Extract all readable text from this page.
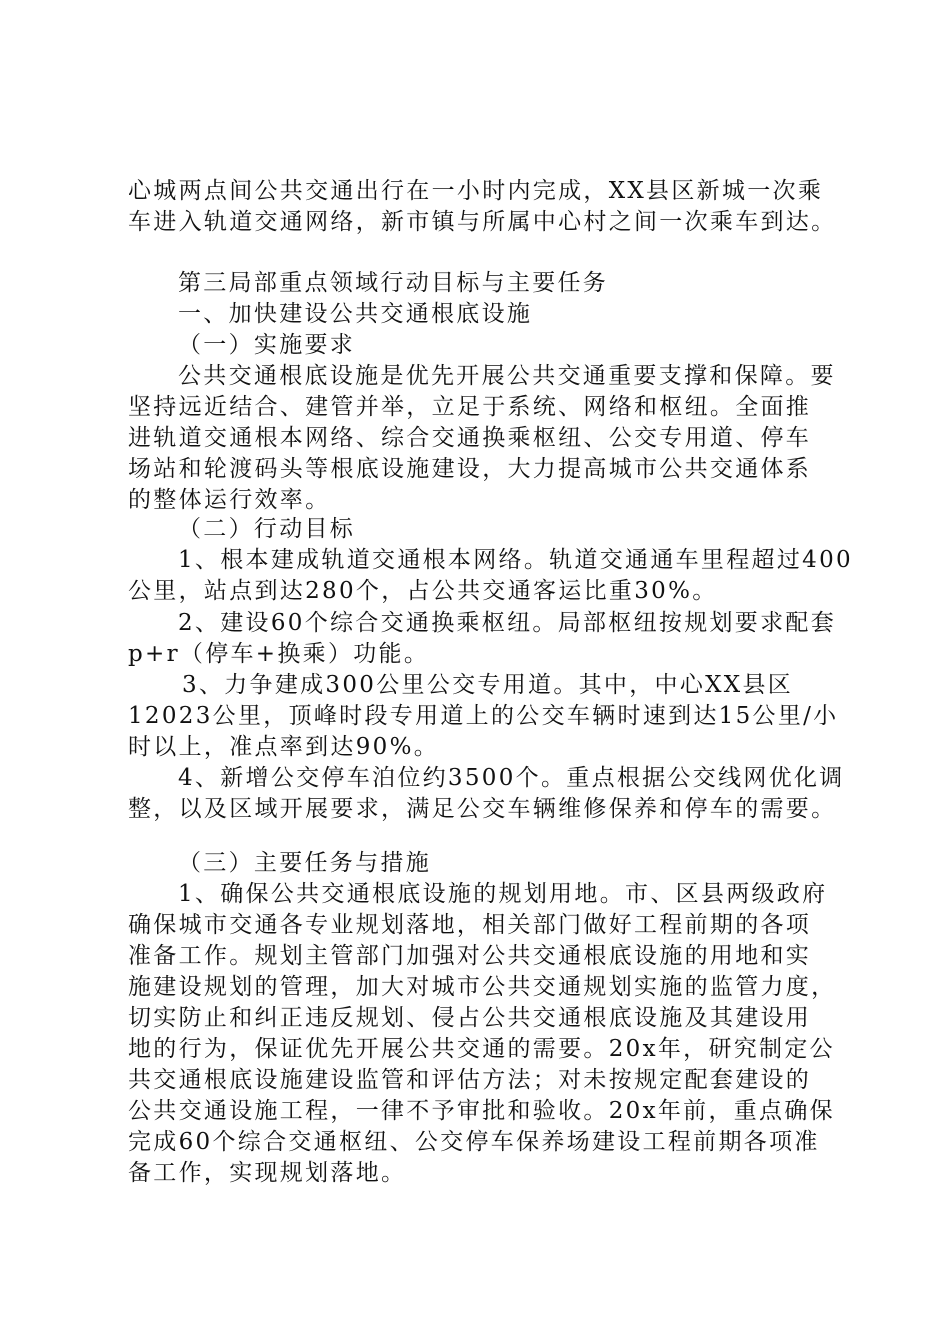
心城两点间公共交通出行在一小时内完成，XX县区新城一次乘
车进入轨道交通网络，新市镇与所属中心村之间一次乘车到达。
第三局部重点领域行动目标与主要任务
一、加快建设公共交通根底设施
（一）实施要求
公共交通根底设施是优先开展公共交通重要支撑和保障。要
坚持远近结合、建管并举，立足于系统、网络和枢纽。全面推
进轨道交通根本网络、综合交通换乘枢纽、公交专用道、停车
场站和轮渡码头等根底设施建设，大力提高城市公共交通体系
的整体运行效率。
（二）行动目标
1、根本建成轨道交通根本网络。轨道交通通车里程超过400
公里，站点到达280个，占公共交通客运比重30%。
2、建设60个综合交通换乘枢纽。局部枢纽按规划要求配套
p+r（停车+换乘）功能。
3、力争建成300公里公交专用道。其中，中心XX县区
12023公里，顶峰时段专用道上的公交车辆时速到达15公里/小
时以上，准点率到达90%。
4、新增公交停车泊位约3500个。重点根据公交线网优化调
整，以及区域开展要求，满足公交车辆维修保养和停车的需要。
（三）主要任务与措施
1、确保公共交通根底设施的规划用地。市、区县两级政府
确保城市交通各专业规划落地，相关部门做好工程前期的各项
准备工作。规划主管部门加强对公共交通根底设施的用地和实
施建设规划的管理，加大对城市公共交通规划实施的监管力度，
切实防止和纠正违反规划、侵占公共交通根底设施及其建设用
地的行为，保证优先开展公共交通的需要。20x年，研究制定公
共交通根底设施建设监管和评估方法；对未按规定配套建设的
公共交通设施工程，一律不予审批和验收。20x年前，重点确保
完成60个综合交通枢纽、公交停车保养场建设工程前期各项准
备工作，实现规划落地。
